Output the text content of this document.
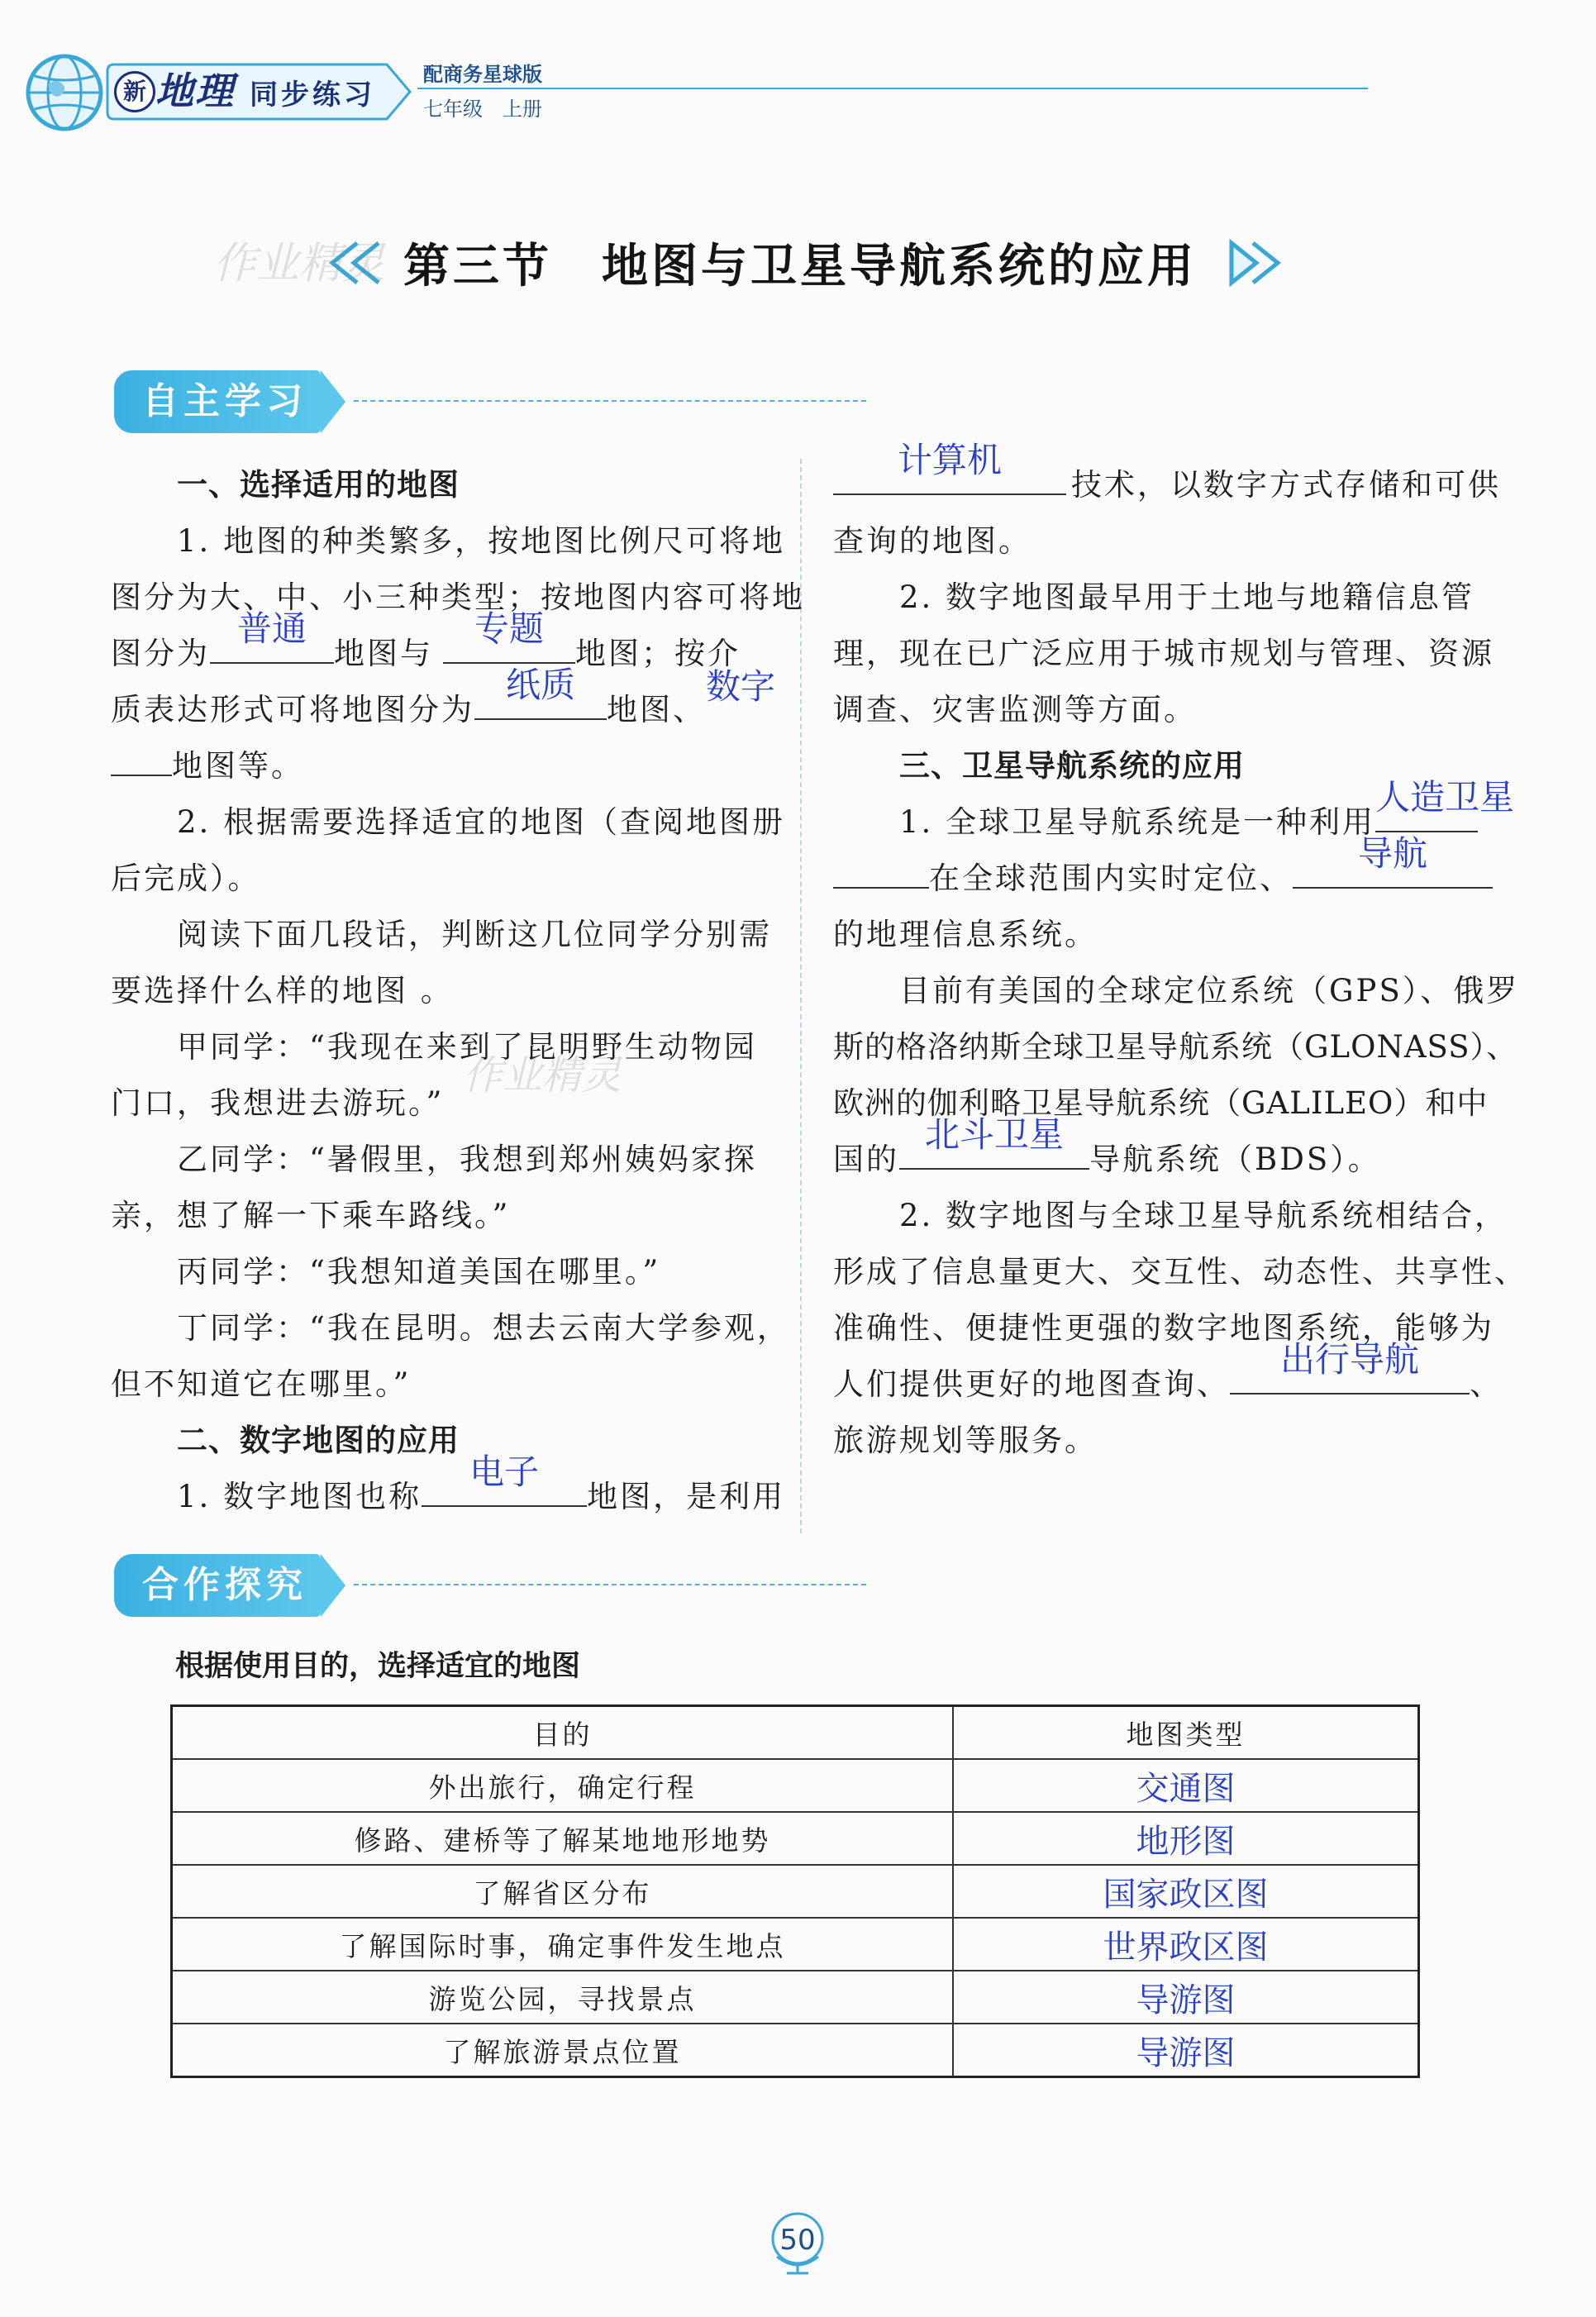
新 地理 同步练习
配商务星球版
七年级　上册
第三节　地图与卫星导航系统的应用
作业精灵
自主学习
一、选择适用的地图
1. 地图的种类繁多，按地图比例尺可将地
图分为大、中、小三种类型；按地图内容可将地
图分为
普通
地图与
专题
地图；按介
质表达形式可将地图分为
纸质
地图、
数字
地图等。
2. 根据需要选择适宜的地图（查阅地图册
后完成）。
阅读下面几段话，判断这几位同学分别需
要选择什么样的地图 。
甲同学：“我现在来到了昆明野生动物园
门口，我想进去游玩。”
乙同学：“暑假里，我想到郑州姨妈家探
亲，想了解一下乘车路线。”
丙同学：“我想知道美国在哪里。”
丁同学：“我在昆明。想去云南大学参观，
但不知道它在哪里。”
二、数字地图的应用
1. 数字地图也称
电子
地图，是利用
作业精灵
计算机
技术，以数字方式存储和可供
查询的地图。
2. 数字地图最早用于土地与地籍信息管
理，现在已广泛应用于城市规划与管理、资源
调查、灾害监测等方面。
三、卫星导航系统的应用
1. 全球卫星导航系统是一种利用
人造卫星
在全球范围内实时定位、
导航
的地理信息系统。
目前有美国的全球定位系统（GPS）、俄罗
斯的格洛纳斯全球卫星导航系统（GLONASS）、
欧洲的伽利略卫星导航系统（GALILEO）和中
国的
北斗卫星
导航系统（BDS）。
2. 数字地图与全球卫星导航系统相结合，
形成了信息量更大、交互性、动态性、共享性、
准确性、便捷性更强的数字地图系统，能够为
人们提供更好的地图查询、
出行导航
、
旅游规划等服务。
合作探究
根据使用目的，选择适宜的地图
目的	地图类型
外出旅行，确定行程	交通图
修路、建桥等了解某地地形地势	地形图
了解省区分布	国家政区图
了解国际时事，确定事件发生地点	世界政区图
游览公园，寻找景点	导游图
了解旅游景点位置	导游图
50
